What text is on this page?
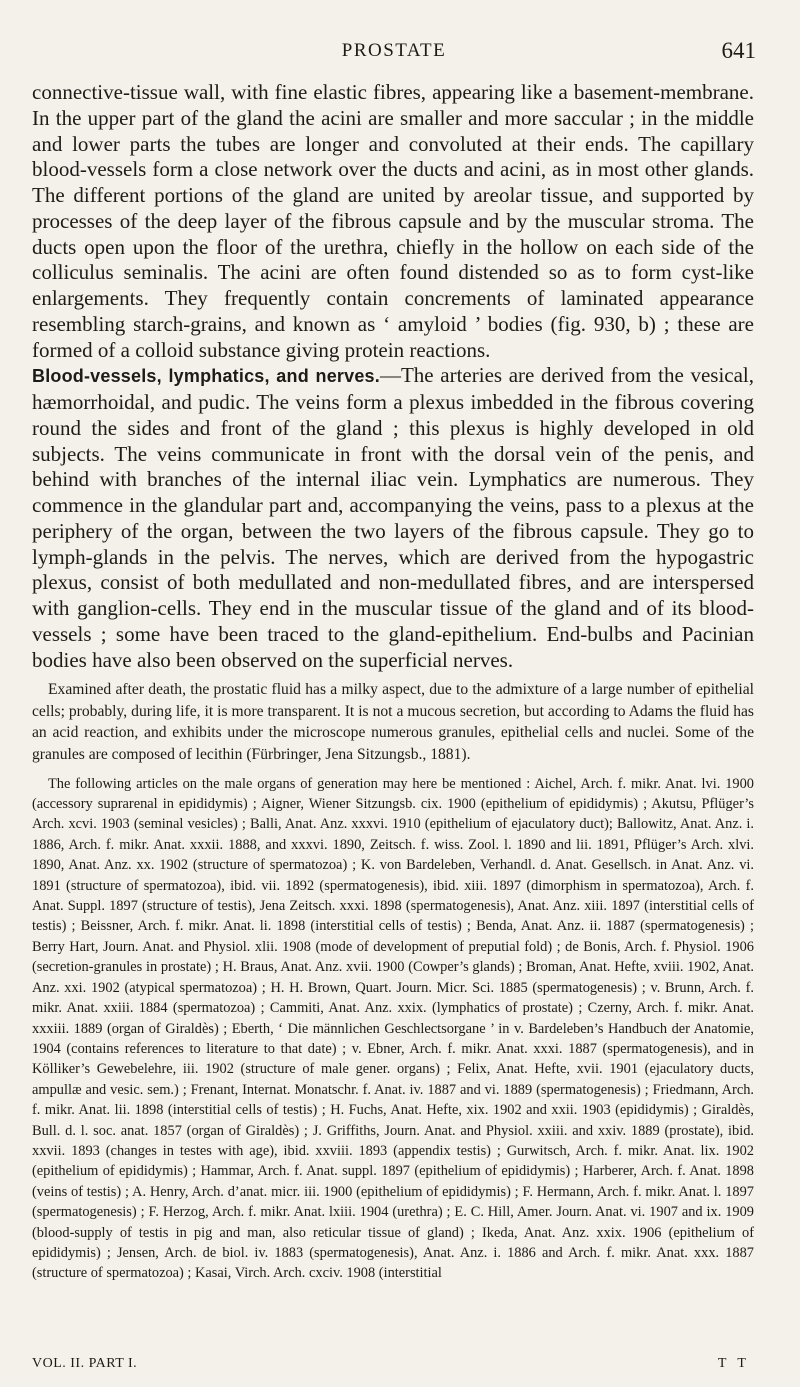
PROSTATE	641

connective-tissue wall, with fine elastic fibres, appearing like a basement-membrane. In the upper part of the gland the acini are smaller and more saccular ; in the middle and lower parts the tubes are longer and convoluted at their ends. The capillary blood-vessels form a close network over the ducts and acini, as in most other glands. The different portions of the gland are united by areolar tissue, and supported by processes of the deep layer of the fibrous capsule and by the muscular stroma. The ducts open upon the floor of the urethra, chiefly in the hollow on each side of the colliculus seminalis. The acini are often found distended so as to form cyst-like enlargements. They frequently contain concrements of laminated appearance resembling starch-grains, and known as ‘ amyloid ’ bodies (fig. 930, b) ; these are formed of a colloid substance giving protein reactions.

Blood-vessels, lymphatics, and nerves.—The arteries are derived from the vesical, hæmorrhoidal, and pudic. The veins form a plexus imbedded in the fibrous covering round the sides and front of the gland ; this plexus is highly developed in old subjects. The veins communicate in front with the dorsal vein of the penis, and behind with branches of the internal iliac vein. Lymphatics are numerous. They commence in the glandular part and, accompanying the veins, pass to a plexus at the periphery of the organ, between the two layers of the fibrous capsule. They go to lymph-glands in the pelvis. The nerves, which are derived from the hypogastric plexus, consist of both medullated and non-medullated fibres, and are interspersed with ganglion-cells. They end in the muscular tissue of the gland and of its blood-vessels ; some have been traced to the gland-epithelium. End-bulbs and Pacinian bodies have also been observed on the superficial nerves.

Examined after death, the prostatic fluid has a milky aspect, due to the admixture of a large number of epithelial cells; probably, during life, it is more transparent. It is not a mucous secretion, but according to Adams the fluid has an acid reaction, and exhibits under the microscope numerous granules, epithelial cells and nuclei. Some of the granules are composed of lecithin (Fürbringer, Jena Sitzungsb., 1881).

The following articles on the male organs of generation may here be mentioned : Aichel, Arch. f. mikr. Anat. lvi. 1900 (accessory suprarenal in epididymis) ; Aigner, Wiener Sitzungsb. cix. 1900 (epithelium of epididymis) ; Akutsu, Pflüger’s Arch. xcvi. 1903 (seminal vesicles) ; Balli, Anat. Anz. xxxvi. 1910 (epithelium of ejaculatory duct); Ballowitz, Anat. Anz. i. 1886, Arch. f. mikr. Anat. xxxii. 1888, and xxxvi. 1890, Zeitsch. f. wiss. Zool. l. 1890 and lii. 1891, Pflüger’s Arch. xlvi. 1890, Anat. Anz. xx. 1902 (structure of spermatozoa) ; K. von Bardeleben, Verhandl. d. Anat. Gesellsch. in Anat. Anz. vi. 1891 (structure of spermatozoa), ibid. vii. 1892 (spermatogenesis), ibid. xiii. 1897 (dimorphism in spermatozoa), Arch. f. Anat. Suppl. 1897 (structure of testis), Jena Zeitsch. xxxi. 1898 (spermatogenesis), Anat. Anz. xiii. 1897 (interstitial cells of testis) ; Beissner, Arch. f. mikr. Anat. li. 1898 (interstitial cells of testis) ; Benda, Anat. Anz. ii. 1887 (spermatogenesis) ; Berry Hart, Journ. Anat. and Physiol. xlii. 1908 (mode of development of preputial fold) ; de Bonis, Arch. f. Physiol. 1906 (secretion-granules in prostate) ; H. Braus, Anat. Anz. xvii. 1900 (Cowper’s glands) ; Broman, Anat. Hefte, xviii. 1902, Anat. Anz. xxi. 1902 (atypical spermatozoa) ; H. H. Brown, Quart. Journ. Micr. Sci. 1885 (spermatogenesis) ; v. Brunn, Arch. f. mikr. Anat. xxiii. 1884 (spermatozoa) ; Cammiti, Anat. Anz. xxix. (lymphatics of prostate) ; Czerny, Arch. f. mikr. Anat. xxxiii. 1889 (organ of Giraldès) ; Eberth, ‘ Die männlichen Geschlectsorgane ’ in v. Bardeleben’s Handbuch der Anatomie, 1904 (contains references to literature to that date) ; v. Ebner, Arch. f. mikr. Anat. xxxi. 1887 (spermatogenesis), and in Kölliker’s Gewebelehre, iii. 1902 (structure of male gener. organs) ; Felix, Anat. Hefte, xvii. 1901 (ejaculatory ducts, ampullæ and vesic. sem.) ; Frenant, Internat. Monatschr. f. Anat. iv. 1887 and vi. 1889 (spermatogenesis) ; Friedmann, Arch. f. mikr. Anat. lii. 1898 (interstitial cells of testis) ; H. Fuchs, Anat. Hefte, xix. 1902 and xxii. 1903 (epididymis) ; Giraldès, Bull. d. l. soc. anat. 1857 (organ of Giraldès) ; J. Griffiths, Journ. Anat. and Physiol. xxiii. and xxiv. 1889 (prostate), ibid. xxvii. 1893 (changes in testes with age), ibid. xxviii. 1893 (appendix testis) ; Gurwitsch, Arch. f. mikr. Anat. lix. 1902 (epithelium of epididymis) ; Hammar, Arch. f. Anat. suppl. 1897 (epithelium of epididymis) ; Harberer, Arch. f. Anat. 1898 (veins of testis) ; A. Henry, Arch. d’anat. micr. iii. 1900 (epithelium of epididymis) ; F. Hermann, Arch. f. mikr. Anat. l. 1897 (spermatogenesis) ; F. Herzog, Arch. f. mikr. Anat. lxiii. 1904 (urethra) ; E. C. Hill, Amer. Journ. Anat. vi. 1907 and ix. 1909 (blood-supply of testis in pig and man, also reticular tissue of gland) ; Ikeda, Anat. Anz. xxix. 1906 (epithelium of epididymis) ; Jensen, Arch. de biol. iv. 1883 (spermatogenesis), Anat. Anz. i. 1886 and Arch. f. mikr. Anat. xxx. 1887 (structure of spermatozoa) ; Kasai, Virch. Arch. cxciv. 1908 (interstitial

VOL. II. PART I.	T T
